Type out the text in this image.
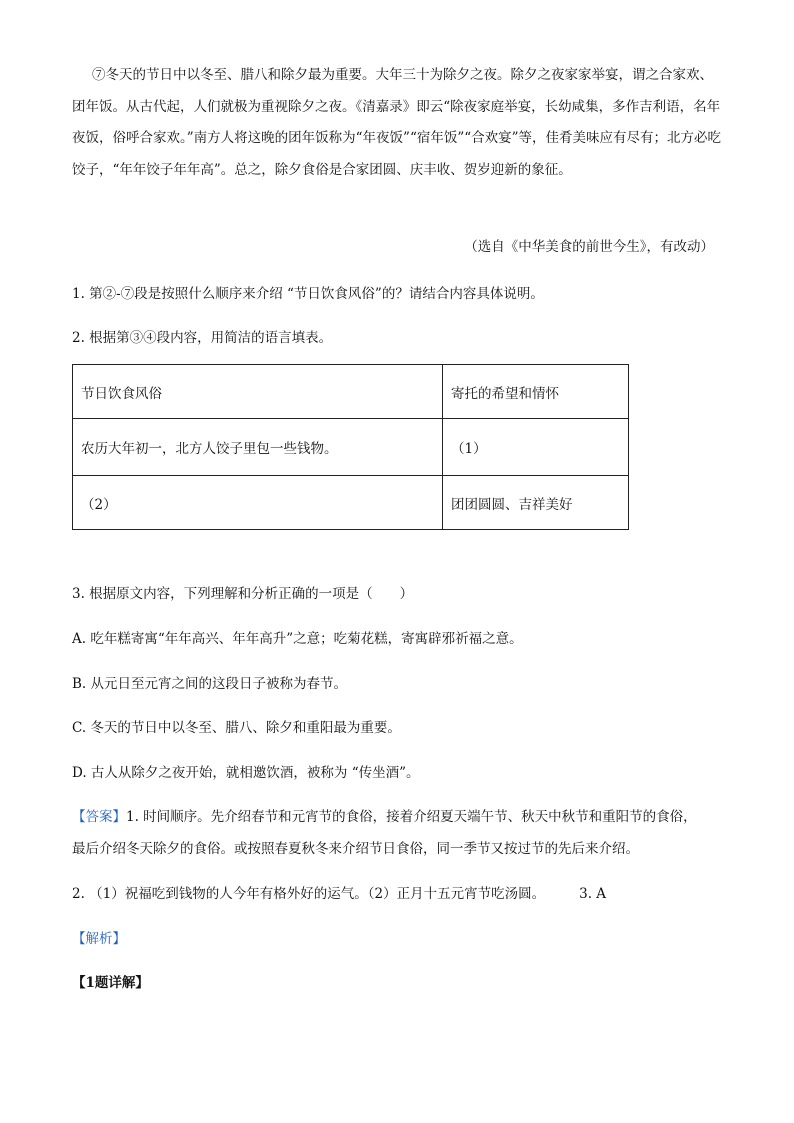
⑦冬天的节日中以冬至、腊八和除夕最为重要。大年三十为除夕之夜。除夕之夜家家举宴，谓之合家欢、团年饭。从古代起，人们就极为重视除夕之夜。《清嘉录》即云“除夜家庭举宴，长幼咸集，多作吉利语，名年夜饭，俗呼合家欢。”南方人将这晚的团年饭称为“年夜饭”“宿年饭”“合欢宴”等，佳肴美味应有尽有；北方必吃饺子，“年年饺子年年高”。总之，除夕食俗是合家团圆、庆丰收、贺岁迎新的象征。

（选自《中华美食的前世今生》，有改动）
1. 第②-⑦段是按照什么顺序来介绍 “节日饮食风俗”的？请结合内容具体说明。
2. 根据第③④段内容，用简洁的语言填表。
节日饮食风俗	寄托的希望和情怀
农历大年初一，北方人饺子里包一些钱物。	（1）
（2）	团团圆圆、吉祥美好
3. 根据原文内容，下列理解和分析正确的一项是（　　）
A. 吃年糕寄寓“年年高兴、年年高升”之意；吃菊花糕，寄寓辟邪祈福之意。
B. 从元日至元宵之间的这段日子被称为春节。
C. 冬天的节日中以冬至、腊八、除夕和重阳最为重要。
D. 古人从除夕之夜开始，就相邀饮酒，被称为 “传坐酒”。
【答案】1. 时间顺序。先介绍春节和元宵节的食俗，接着介绍夏天端午节、秋天中秋节和重阳节的食俗，
最后介绍冬天除夕的食俗。或按照春夏秋冬来介绍节日食俗，同一季节又按过节的先后来介绍。
2. （1）祝福吃到钱物的人今年有格外好的运气。（2）正月十五元宵节吃汤圆。	3. A
【解析】
【1题详解】
